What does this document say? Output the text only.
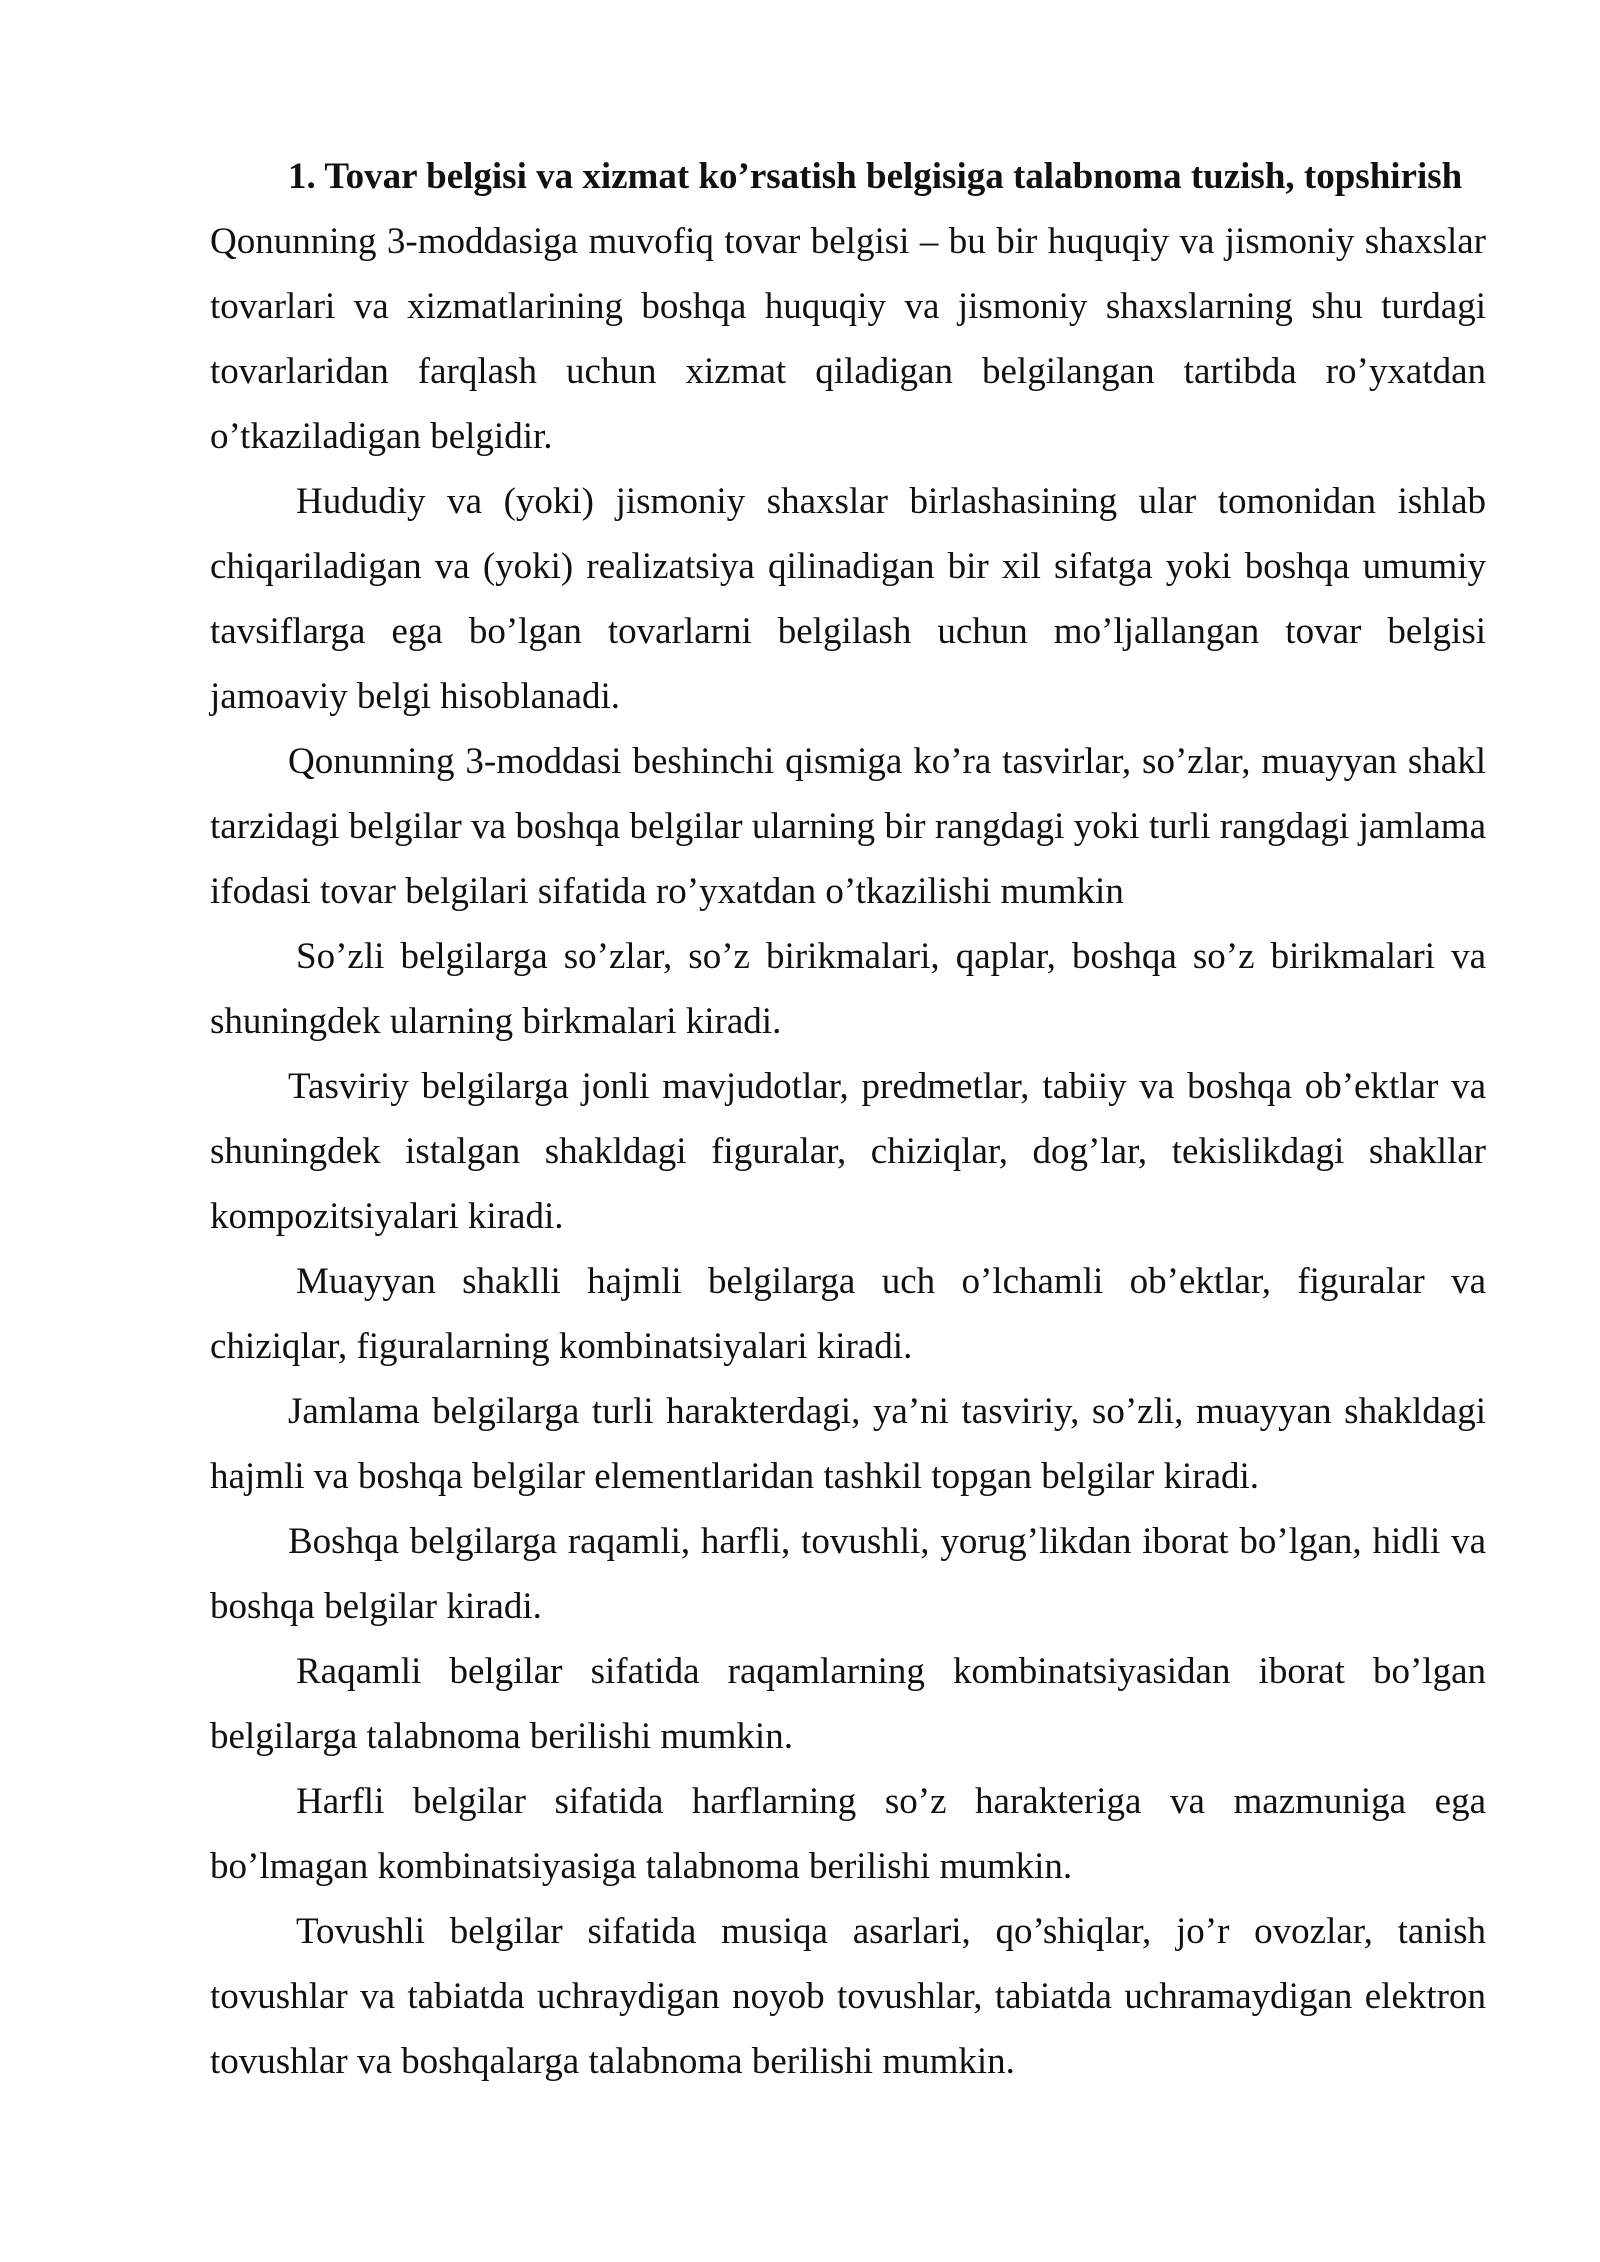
1. Tovar belgisi va xizmat ko’rsatish belgisiga talabnoma tuzish, topshirish

Qonunning 3-moddasiga muvofiq tovar belgisi – bu bir huquqiy va jismoniy shaxslar tovarlari va xizmatlarining boshqa huquqiy va jismoniy shaxslarning shu turdagi tovarlaridan farqlash uchun xizmat qiladigan belgilangan tartibda ro’yxatdan o’tkaziladigan belgidir.

Hududiy va (yoki) jismoniy shaxslar birlashasining ular tomonidan ishlab chiqariladigan va (yoki) realizatsiya qilinadigan bir xil sifatga yoki boshqa umumiy tavsiflarga ega bo’lgan tovarlarni belgilash uchun mo’ljallangan tovar belgisi jamoaviy belgi hisoblanadi.

Qonunning 3-moddasi beshinchi qismiga ko’ra tasvirlar, so’zlar, muayyan shakl tarzidagi belgilar va boshqa belgilar ularning bir rangdagi yoki turli rangdagi jamlama ifodasi tovar belgilari sifatida ro’yxatdan o’tkazilishi mumkin

So’zli belgilarga so’zlar, so’z birikmalari, qaplar, boshqa so’z birikmalari va shuningdek ularning birkmalari kiradi.

Tasviriy belgilarga jonli mavjudotlar, predmetlar, tabiiy va boshqa ob’ektlar va shuningdek istalgan shakldagi figuralar, chiziqlar, dog’lar, tekislikdagi shakllar kompozitsiyalari kiradi.

Muayyan shaklli hajmli belgilarga uch o’lchamli ob’ektlar, figuralar va chiziqlar, figuralarning kombinatsiyalari kiradi.

Jamlama belgilarga turli harakterdagi, ya’ni tasviriy, so’zli, muayyan shakldagi hajmli va boshqa belgilar elementlaridan tashkil topgan belgilar kiradi.

Boshqa belgilarga raqamli, harfli, tovushli, yorug’likdan iborat bo’lgan, hidli va boshqa belgilar kiradi.

Raqamli belgilar sifatida raqamlarning kombinatsiyasidan iborat bo’lgan belgilarga talabnoma berilishi mumkin.

Harfli belgilar sifatida harflarning so’z harakteriga va mazmuniga ega bo’lmagan kombinatsiyasiga talabnoma berilishi mumkin.

Tovushli belgilar sifatida musiqa asarlari, qo’shiqlar, jo’r ovozlar, tanish tovushlar va tabiatda uchraydigan noyob tovushlar, tabiatda uchramaydigan elektron tovushlar va boshqalarga talabnoma berilishi mumkin.
